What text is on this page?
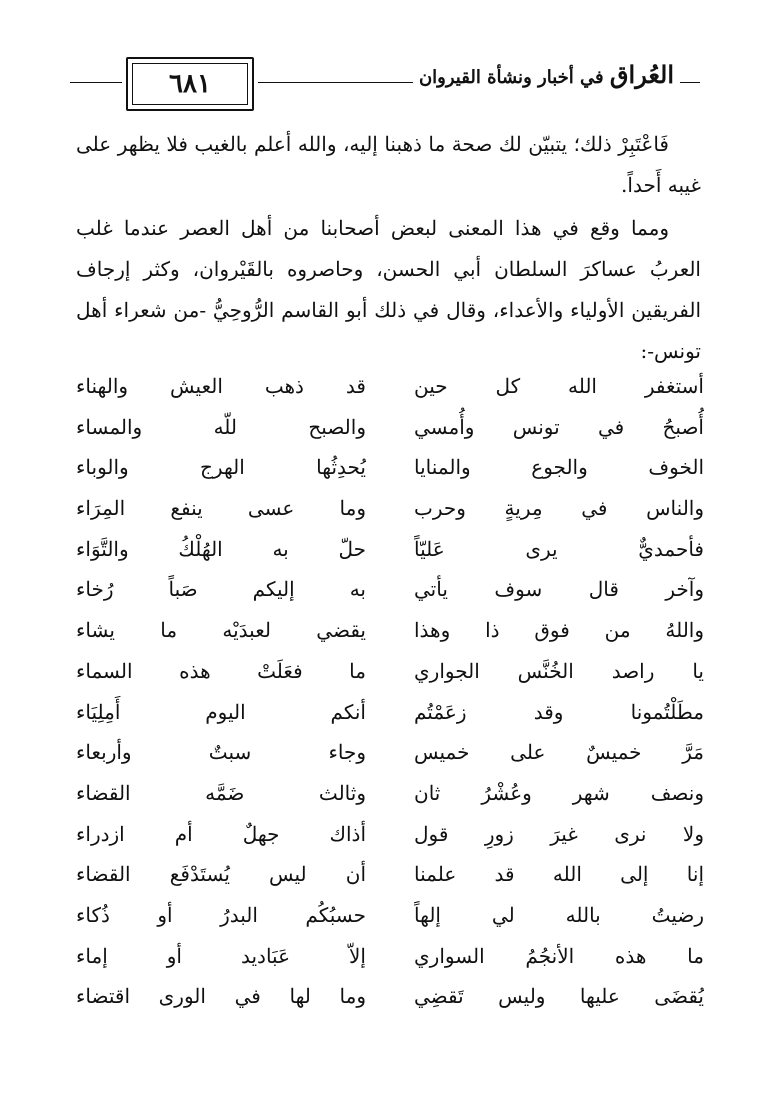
٦٨١	العُراق في أخبار ونشأة القيروان

فَاعْتَبِرْ ذلك؛ يتبيّن لك صحة ما ذهبنا إليه، والله أعلم بالغيب فلا يظهر على غيبه أَحداً.

ومما وقع في هذا المعنى لبعض أصحابنا من أهل العصر عندما غلب العربُ عساكرَ السلطان أبي الحسن، وحاصروه بالقَيْروان، وكثر إرجاف الفريقين الأولياء والأعداء، وقال في ذلك أبو القاسم الرُّوحِيُّ -من شعراء أهل تونس-:

أستغفر الله كل حين
قد ذهب العيش والهناء
أُصبحُ في تونس وأُمسي
والصبح للّه والمساء
الخوف والجوع والمنايا
يُحدِثُها الهرج والوباء
والناس في مِريةٍ وحرب
وما عسى ينفع المِرَاء
فأحمديٌّ يرى عَليّاً
حلّ به الهُلْكُ والتَّوَاء
وآخر قال سوف يأتي
به إليكم صَباً رُخاء
واللهُ من فوق ذا وهذا
يقضي لعبدَيْه ما يشاء
يا راصد الخُنَّس الجواري
ما فعَلَتْ هذه السماء
مطَلْتُمونا وقد زعَمْتُم
أنكم اليوم أَمِلِيَاء
مَرَّ خميسٌ على خميس
وجاء سبتٌ وأربعاء
ونصف شهر وعُشْرُ ثان
وثالث ضَمَّه القضاء
ولا نرى غيرَ زورِ قول
أذاك جهلٌ أم ازدراء
إنا إلى الله قد علمنا
أن ليس يُستَدْفَع القضاء
رضيتُ بالله لي إلهاً
حسبُكُم البدرُ أو ذُكاء
ما هذه الأنجُمُ السواري
إلاّ عَبَاديد أو إماء
يُقضَى عليها وليس تَقضِي
وما لها في الورى اقتضاء
